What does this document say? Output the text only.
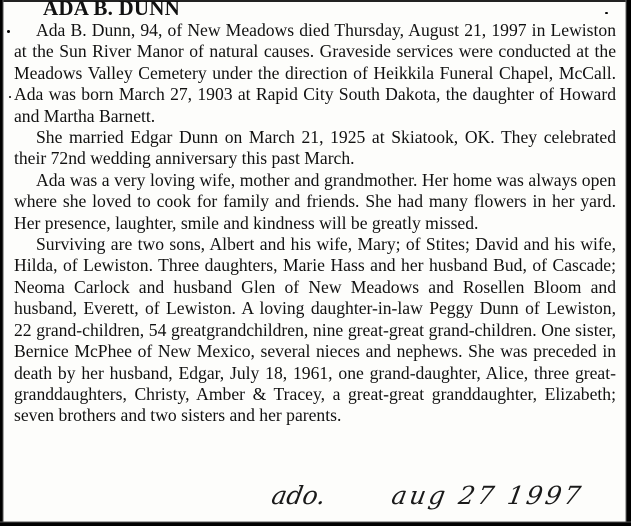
ADA B. DUNN

Ada B. Dunn, 94, of New Meadows died Thursday, August 21, 1997 in Lewiston at the Sun River Manor of natural causes. Graveside services were conducted at the Meadows Valley Cemetery under the direction of Heikkila Funeral Chapel, McCall. Ada was born March 27, 1903 at Rapid City South Dakota, the daughter of Howard and Martha Barnett.

She married Edgar Dunn on March 21, 1925 at Skiatook, OK. They celebrated their 72nd wedding anniversary this past March.

Ada was a very loving wife, mother and grandmother. Her home was always open where she loved to cook for family and friends. She had many flowers in her yard. Her presence, laughter, smile and kindness will be greatly missed.

Surviving are two sons, Albert and his wife, Mary; of Stites; David and his wife, Hilda, of Lewiston. Three daughters, Marie Hass and her husband Bud, of Cascade; Neoma Carlock and husband Glen of New Meadows and Rosellen Bloom and husband, Everett, of Lewiston. A loving daughter-in-law Peggy Dunn of Lewiston, 22 grand-children, 54 greatgrandchildren, nine great-great grand-children. One sister, Bernice McPhee of New Mexico, several nieces and nephews. She was preceded in death by her husband, Edgar, July 18, 1961, one grand-daughter, Alice, three great-granddaughters, Christy, Amber & Tracey, a great-great granddaughter, Elizabeth; seven brothers and two sisters and her parents.

ado. aug 27 1997
